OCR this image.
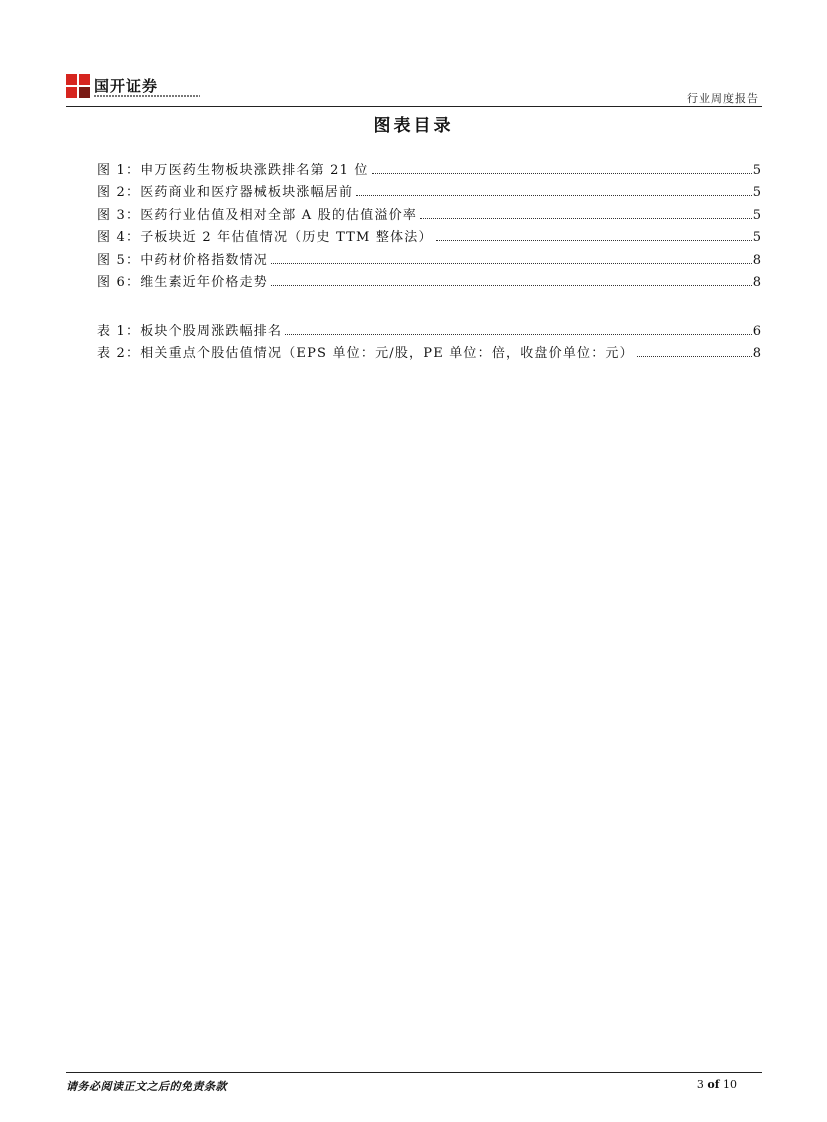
国开证券
行业周度报告
图表目录
图 1：申万医药生物板块涨跌排名第 21 位	5
图 2：医药商业和医疗器械板块涨幅居前	5
图 3：医药行业估值及相对全部 A 股的估值溢价率	5
图 4：子板块近 2 年估值情况（历史 TTM 整体法）	5
图 5：中药材价格指数情况	8
图 6：维生素近年价格走势	8
表 1：板块个股周涨跌幅排名	6
表 2：相关重点个股估值情况（EPS 单位：元/股，PE 单位：倍，收盘价单位：元）	8
请务必阅读正文之后的免责条款	3 of 10
